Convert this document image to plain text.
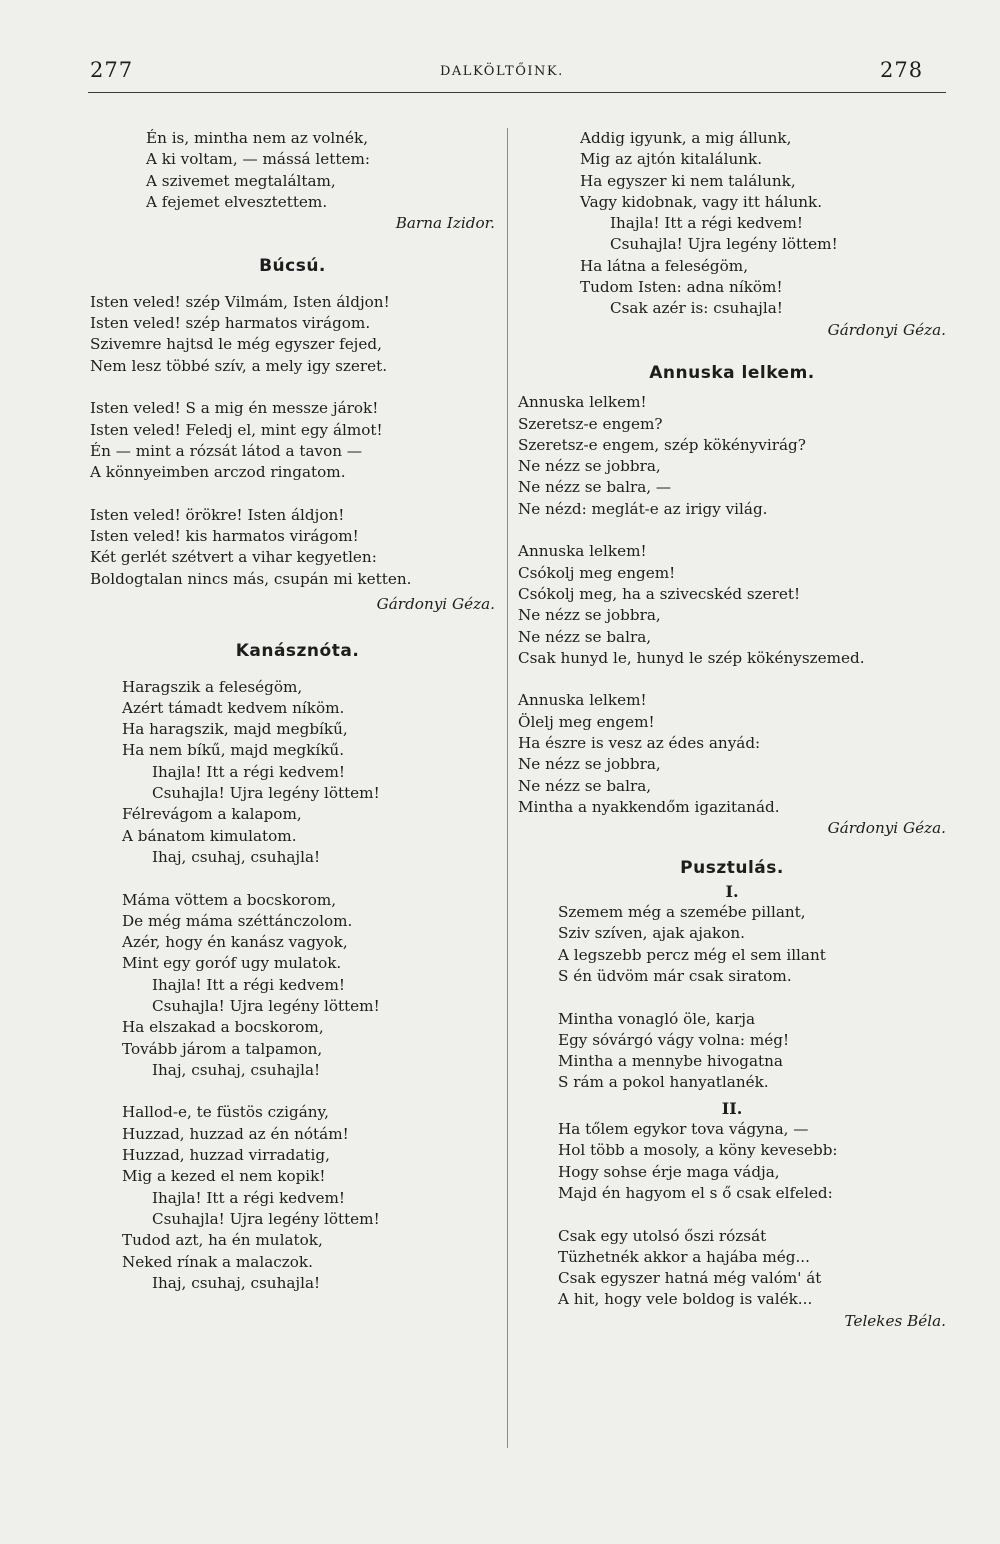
277	DALKÖLTŐINK.	278
Én is, mintha nem az volnék,
A ki voltam, — mássá lettem:
A szivemet megtaláltam,
A fejemet elvesztettem.
Barna Izidor.
Búcsú.
Isten veled! szép Vilmám, Isten áldjon!
Isten veled! szép harmatos virágom.
Szivemre hajtsd le még egyszer fejed,
Nem lesz többé szív, a mely igy szeret.
Isten veled! S a mig én messze járok!
Isten veled! Feledj el, mint egy álmot!
Én — mint a rózsát látod a tavon —
A könnyeimben arczod ringatom.
Isten veled! örökre! Isten áldjon!
Isten veled! kis harmatos virágom!
Két gerlét szétvert a vihar kegyetlen:
Boldogtalan nincs más, csupán mi ketten.
Gárdonyi Géza.
Kanásznóta.
Haragszik a feleségöm,
Azért támadt kedvem níköm.
Ha haragszik, majd megbíkű,
Ha nem bíkű, majd megkíkű.
Ihajla! Itt a régi kedvem!
Csuhajla! Ujra legény löttem!
Félrevágom a kalapom,
A bánatom kimulatom.
Ihaj, csuhaj, csuhajla!
Máma vöttem a bocskorom,
De még máma széttánczolom.
Azér, hogy én kanász vagyok,
Mint egy goróf ugy mulatok.
Ihajla! Itt a régi kedvem!
Csuhajla! Ujra legény löttem!
Ha elszakad a bocskorom,
Tovább járom a talpamon,
Ihaj, csuhaj, csuhajla!
Hallod-e, te füstös czigány,
Huzzad, huzzad az én nótám!
Huzzad, huzzad virradatig,
Mig a kezed el nem kopik!
Ihajla! Itt a régi kedvem!
Csuhajla! Ujra legény löttem!
Tudod azt, ha én mulatok,
Neked rínak a malaczok.
Ihaj, csuhaj, csuhajla!
Addig igyunk, a mig állunk,
Mig az ajtón kitalálunk.
Ha egyszer ki nem találunk,
Vagy kidobnak, vagy itt hálunk.
Ihajla! Itt a régi kedvem!
Csuhajla! Ujra legény löttem!
Ha látna a feleségöm,
Tudom Isten: adna níköm!
Csak azér is: csuhajla!
Gárdonyi Géza.
Annuska lelkem.
Annuska lelkem!
Szeretsz-e engem?
Szeretsz-e engem, szép kökényvirág?
Ne nézz se jobbra,
Ne nézz se balra, —
Ne nézd: meglát-e az irigy világ.
Annuska lelkem!
Csókolj meg engem!
Csókolj meg, ha a szivecskéd szeret!
Ne nézz se jobbra,
Ne nézz se balra,
Csak hunyd le, hunyd le szép kökényszemed.
Annuska lelkem!
Ölelj meg engem!
Ha észre is vesz az édes anyád:
Ne nézz se jobbra,
Ne nézz se balra,
Mintha a nyakkendőm igazitanád.
Gárdonyi Géza.
Pusztulás.
I.
Szemem még a szemébe pillant,
Sziv szíven, ajak ajakon.
A legszebb percz még el sem illant
S én üdvöm már csak siratom.
Mintha vonagló öle, karja
Egy sóvárgó vágy volna: még!
Mintha a mennybe hivogatna
S rám a pokol hanyatlanék.
II.
Ha tőlem egykor tova vágyna, —
Hol több a mosoly, a köny kevesebb:
Hogy sohse érje maga vádja,
Majd én hagyom el s ő csak elfeled:
Csak egy utolsó őszi rózsát
Tüzhetnék akkor a hajába még...
Csak egyszer hatná még valóm' át
A hit, hogy vele boldog is valék...
Telekes Béla.
